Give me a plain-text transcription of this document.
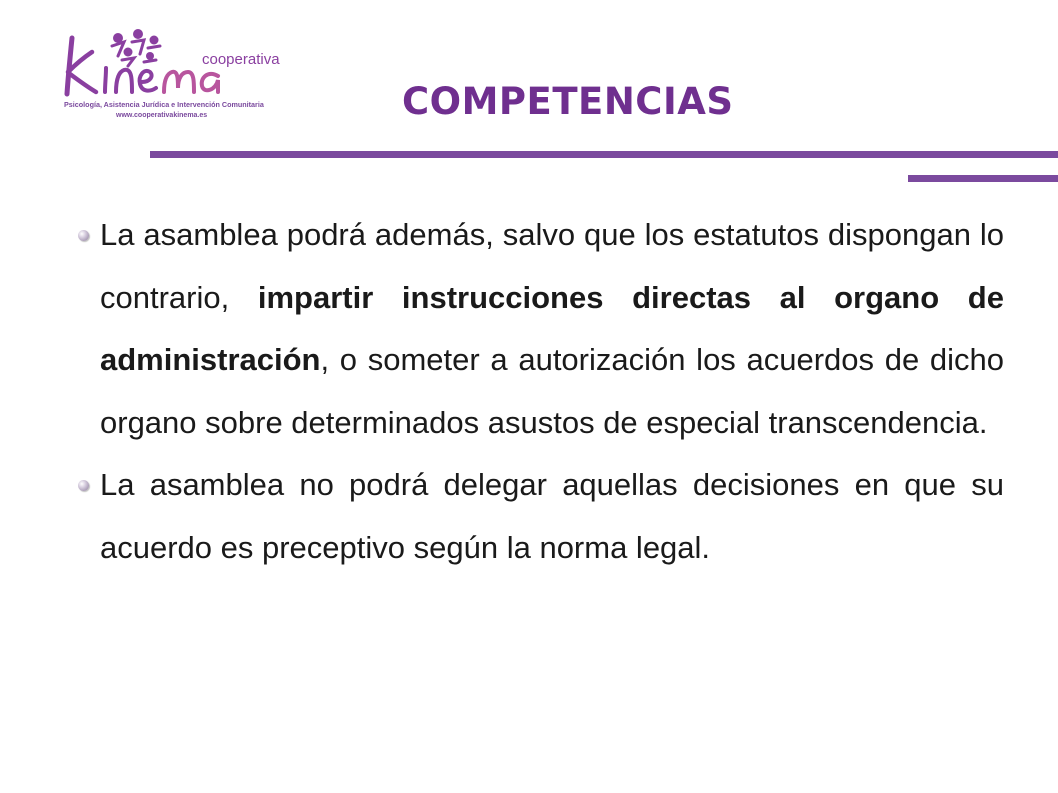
cooperativa
Psicología, Asistencia Jurídica e Intervención Comunitaria
www.cooperativakinema.es	COMPETENCIAS
La asamblea podrá además, salvo que los estatutos dispongan lo contrario, impartir instrucciones directas al organo de administración, o someter a autorización los acuerdos de dicho organo sobre determinados asustos de especial transcendencia.
La asamblea no podrá delegar aquellas decisiones en que su acuerdo es preceptivo según la norma legal.
